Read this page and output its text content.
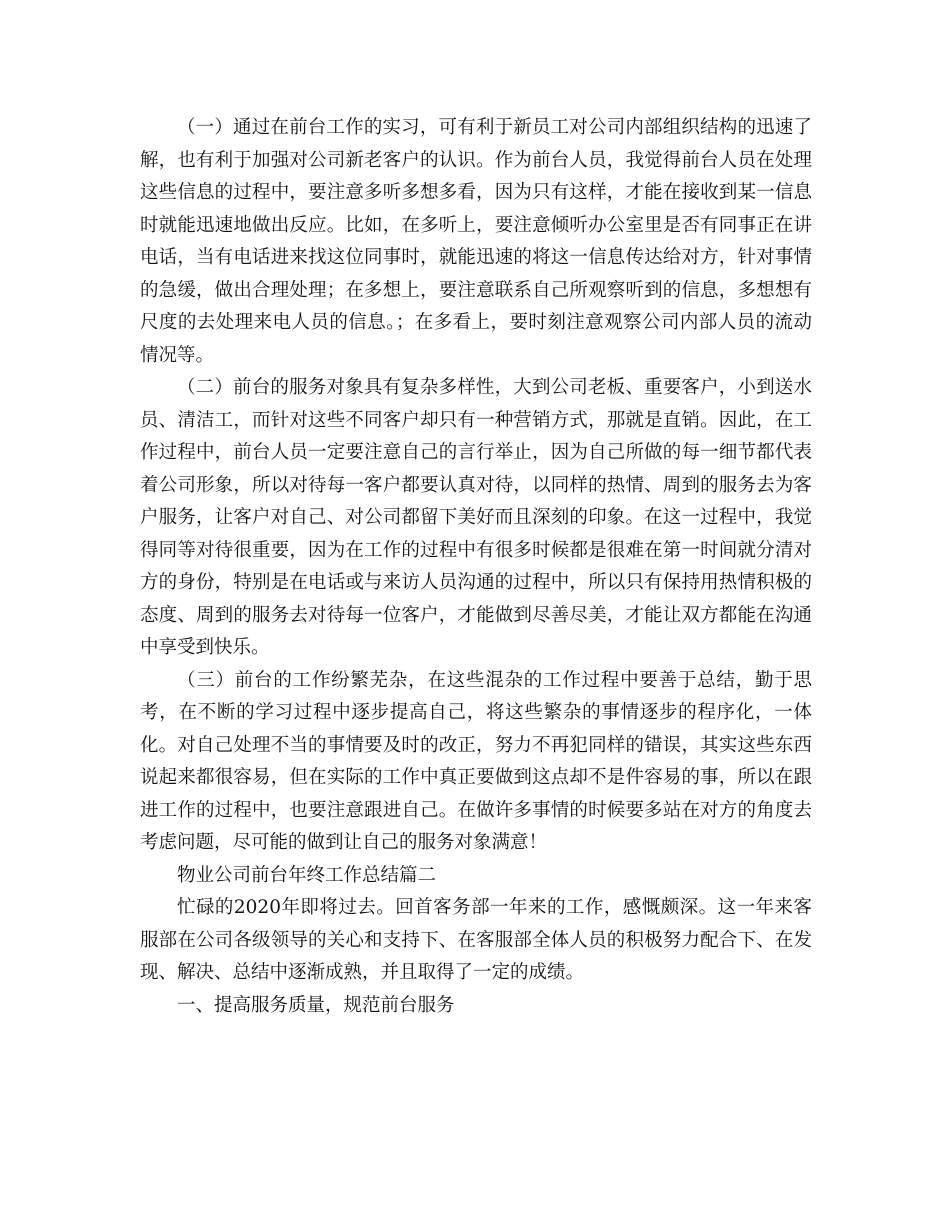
（一）通过在前台工作的实习，可有利于新员工对公司内部组织结构的迅速了解，也有利于加强对公司新老客户的认识。作为前台人员，我觉得前台人员在处理这些信息的过程中，要注意多听多想多看，因为只有这样，才能在接收到某一信息时就能迅速地做出反应。比如，在多听上，要注意倾听办公室里是否有同事正在讲电话，当有电话进来找这位同事时，就能迅速的将这一信息传达给对方，针对事情的急缓，做出合理处理；在多想上，要注意联系自己所观察听到的信息，多想想有尺度的去处理来电人员的信息。；在多看上，要时刻注意观察公司内部人员的流动情况等。

（二）前台的服务对象具有复杂多样性，大到公司老板、重要客户，小到送水员、清洁工，而针对这些不同客户却只有一种营销方式，那就是直销。因此，在工作过程中，前台人员一定要注意自己的言行举止，因为自己所做的每一细节都代表着公司形象，所以对待每一客户都要认真对待，以同样的热情、周到的服务去为客户服务，让客户对自己、对公司都留下美好而且深刻的印象。在这一过程中，我觉得同等对待很重要，因为在工作的过程中有很多时候都是很难在第一时间就分清对方的身份，特别是在电话或与来访人员沟通的过程中，所以只有保持用热情积极的态度、周到的服务去对待每一位客户，才能做到尽善尽美，才能让双方都能在沟通中享受到快乐。

（三）前台的工作纷繁芜杂，在这些混杂的工作过程中要善于总结，勤于思考，在不断的学习过程中逐步提高自己，将这些繁杂的事情逐步的程序化，一体化。对自己处理不当的事情要及时的改正，努力不再犯同样的错误，其实这些东西说起来都很容易，但在实际的工作中真正要做到这点却不是件容易的事，所以在跟进工作的过程中，也要注意跟进自己。在做许多事情的时候要多站在对方的角度去考虑问题，尽可能的做到让自己的服务对象满意！

物业公司前台年终工作总结篇二

忙碌的2020年即将过去。回首客务部一年来的工作，感慨颇深。这一年来客服部在公司各级领导的关心和支持下、在客服部全体人员的积极努力配合下、在发现、解决、总结中逐渐成熟，并且取得了一定的成绩。

一、提高服务质量，规范前台服务
